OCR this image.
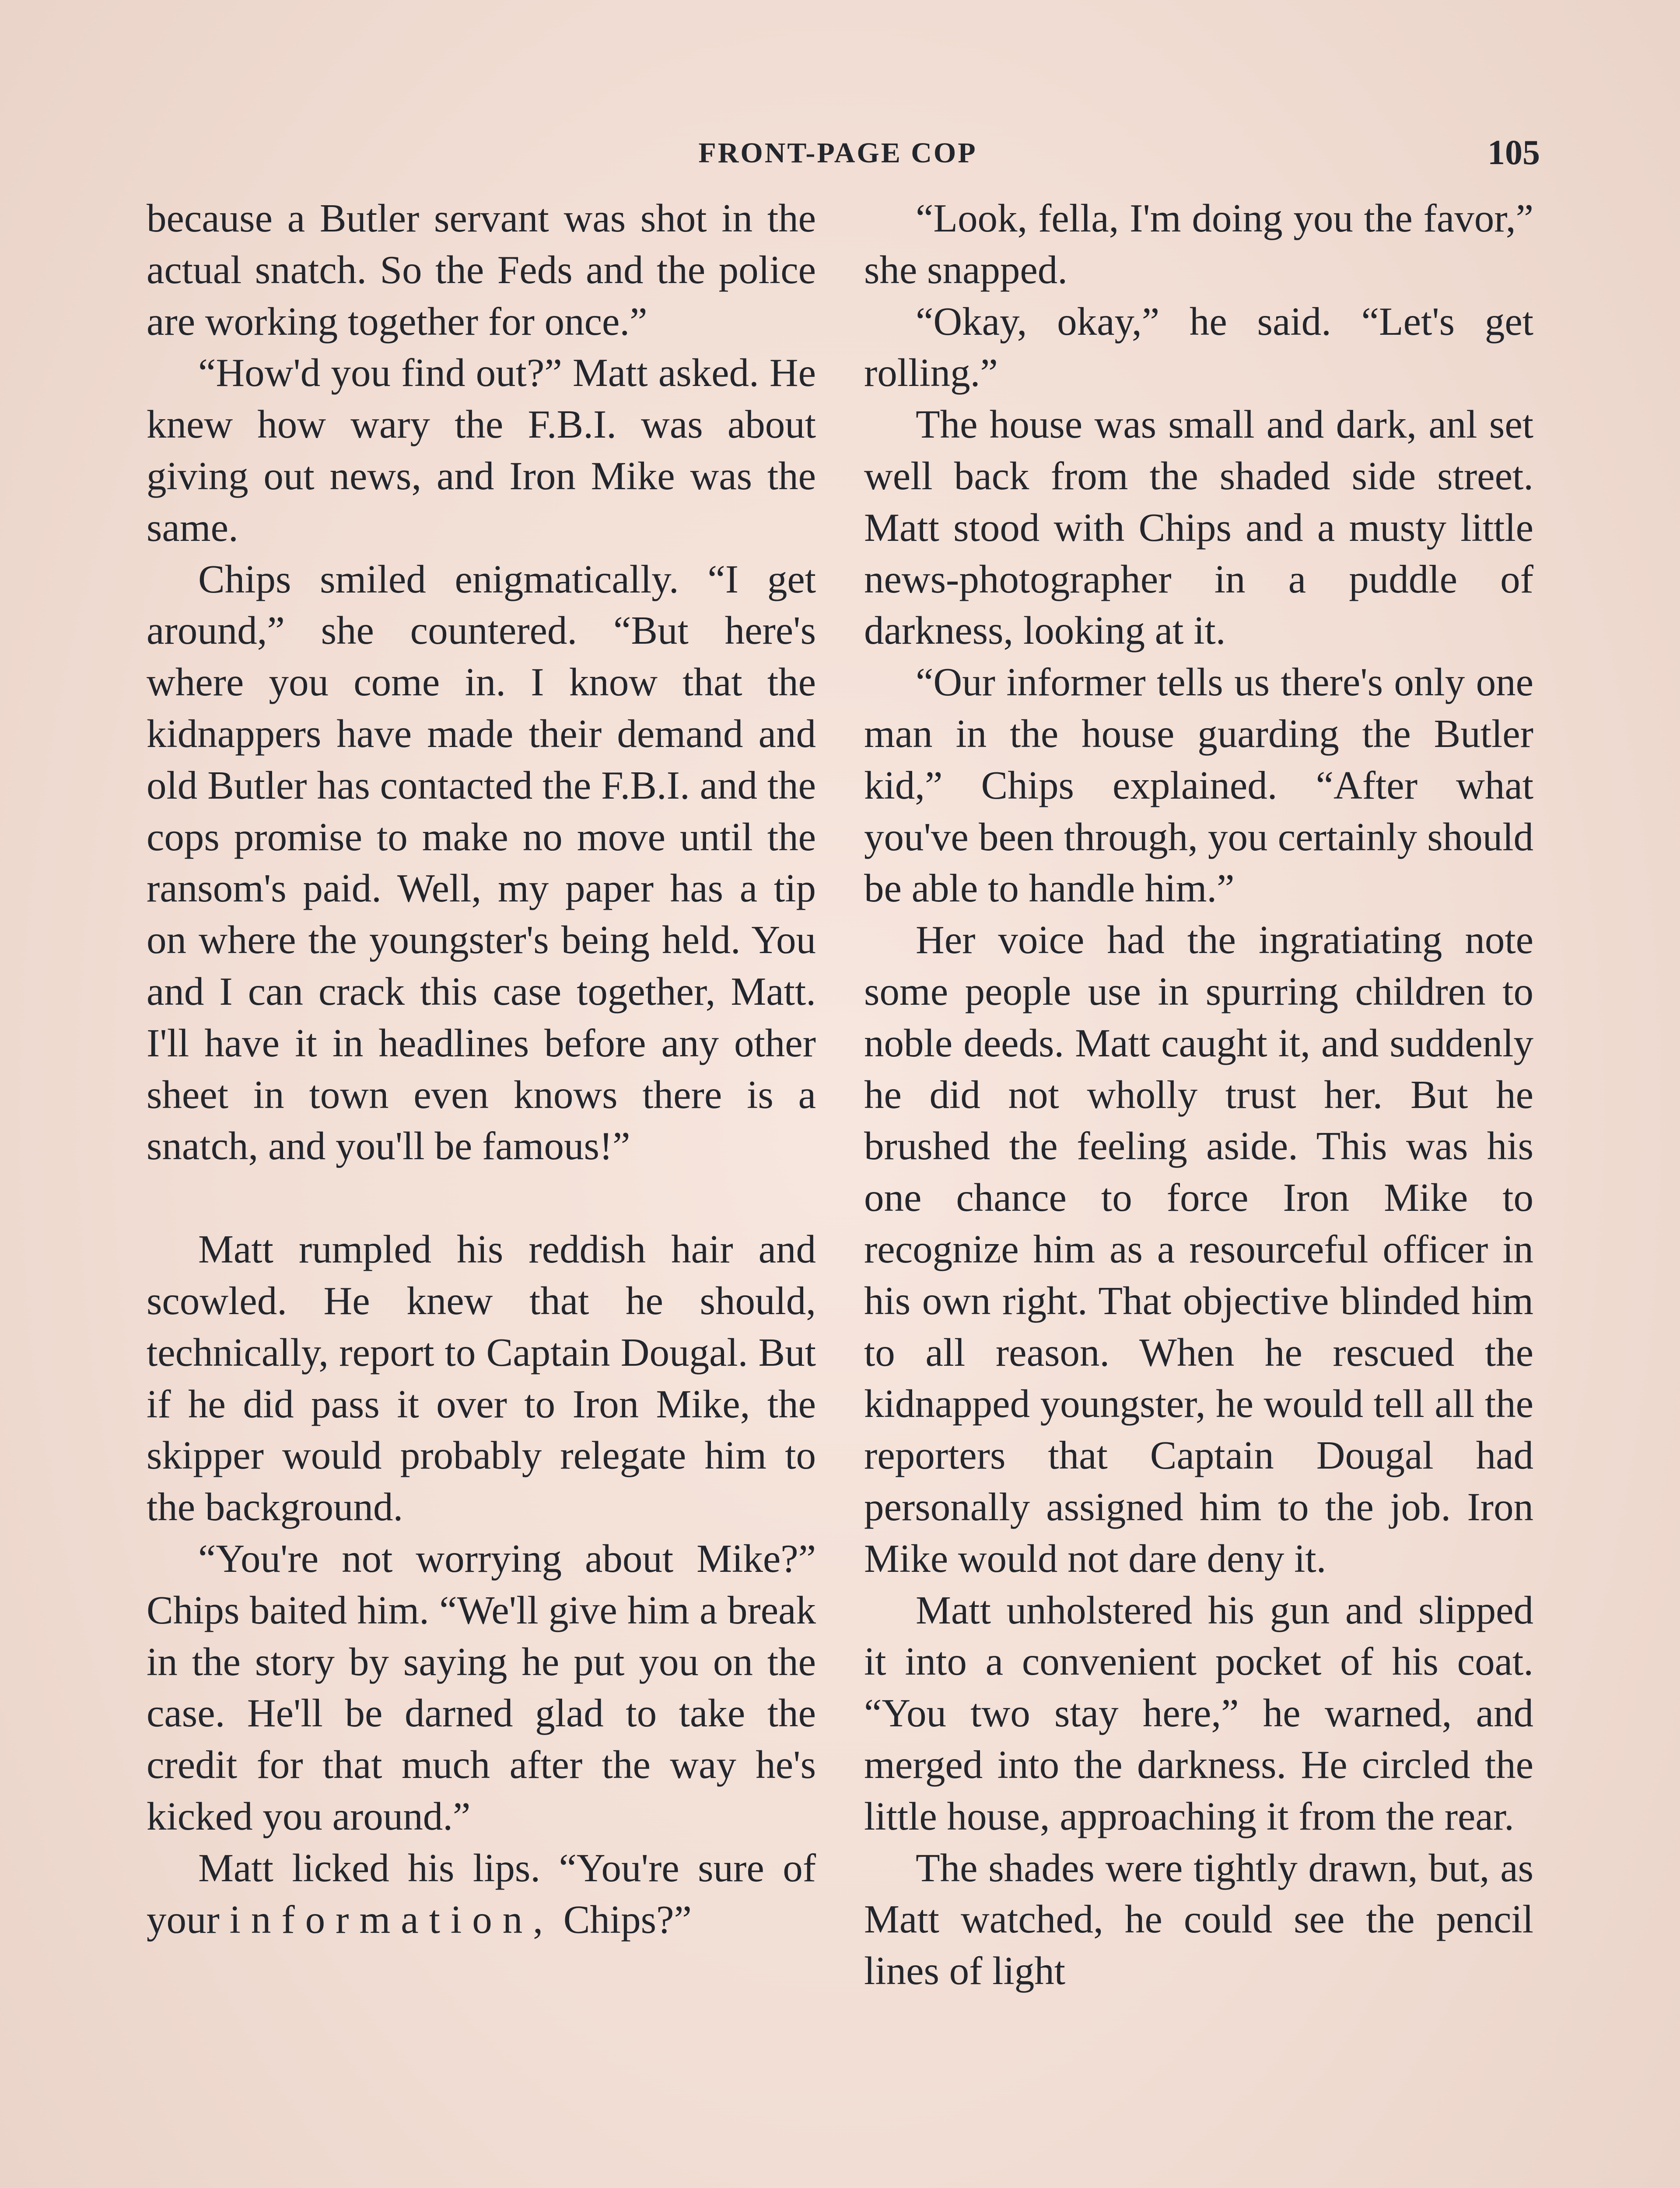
FRONT-PAGE COP	105

because a Butler servant was shot in the actual snatch. So the Feds and the police are working together for once.”

“How'd you find out?” Matt asked. He knew how wary the F.B.I. was about giving out news, and Iron Mike was the same.

Chips smiled enigmatically. “I get around,” she countered. “But here's where you come in. I know that the kidnappers have made their demand and old Butler has contacted the F.B.I. and the cops promise to make no move until the ransom's paid. Well, my paper has a tip on where the youngster's being held. You and I can crack this case together, Matt. I'll have it in headlines before any other sheet in town even knows there is a snatch, and you'll be famous!”

Matt rumpled his reddish hair and scowled. He knew that he should, technically, report to Captain Dougal. But if he did pass it over to Iron Mike, the skipper would probably relegate him to the background.

“You're not worrying about Mike?” Chips baited him. “We'll give him a break in the story by saying he put you on the case. He'll be darned glad to take the credit for that much after the way he's kicked you around.”

Matt licked his lips. “You're sure of your information, Chips?”

“Look, fella, I'm doing you the favor,” she snapped.

“Okay, okay,” he said. “Let's get rolling.”

The house was small and dark, anl set well back from the shaded side street. Matt stood with Chips and a musty little news-photographer in a puddle of darkness, looking at it.

“Our informer tells us there's only one man in the house guarding the Butler kid,” Chips explained. “After what you've been through, you certainly should be able to handle him.”

Her voice had the ingratiating note some people use in spurring children to noble deeds. Matt caught it, and suddenly he did not wholly trust her. But he brushed the feeling aside. This was his one chance to force Iron Mike to recognize him as a resourceful officer in his own right. That objective blinded him to all reason. When he rescued the kidnapped youngster, he would tell all the reporters that Captain Dougal had personally assigned him to the job. Iron Mike would not dare deny it.

Matt unholstered his gun and slipped it into a convenient pocket of his coat. “You two stay here,” he warned, and merged into the darkness. He circled the little house, approaching it from the rear.

The shades were tightly drawn, but, as Matt watched, he could see the pencil lines of light
